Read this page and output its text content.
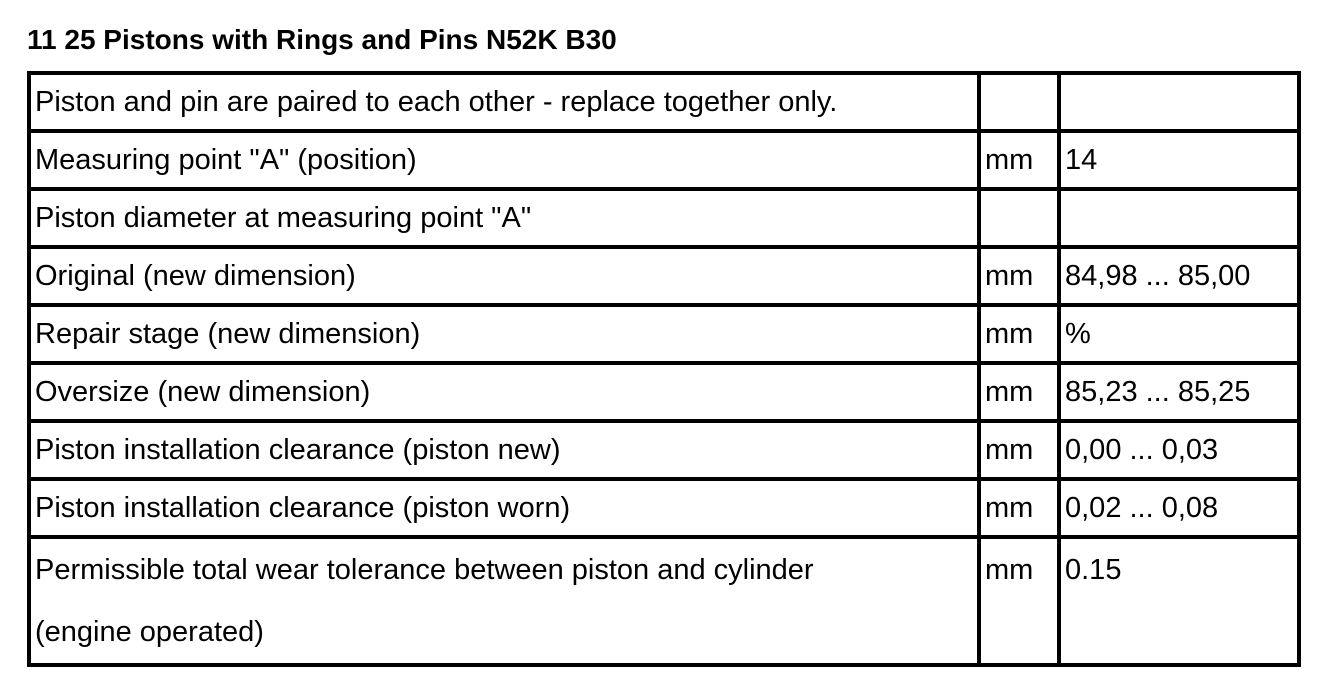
11 25 Pistons with Rings and Pins N52K B30
Piston and pin are paired to each other - replace together only.		
Measuring point "A" (position)	mm	14
Piston diameter at measuring point "A"		
Original (new dimension)	mm	84,98 ... 85,00
Repair stage (new dimension)	mm	%
Oversize (new dimension)	mm	85,23 ... 85,25
Piston installation clearance (piston new)	mm	0,00 ... 0,03
Piston installation clearance (piston worn)	mm	0,02 ... 0,08

Permissible total wear tolerance between piston and cylinder
(engine operated)	mm	0.15
